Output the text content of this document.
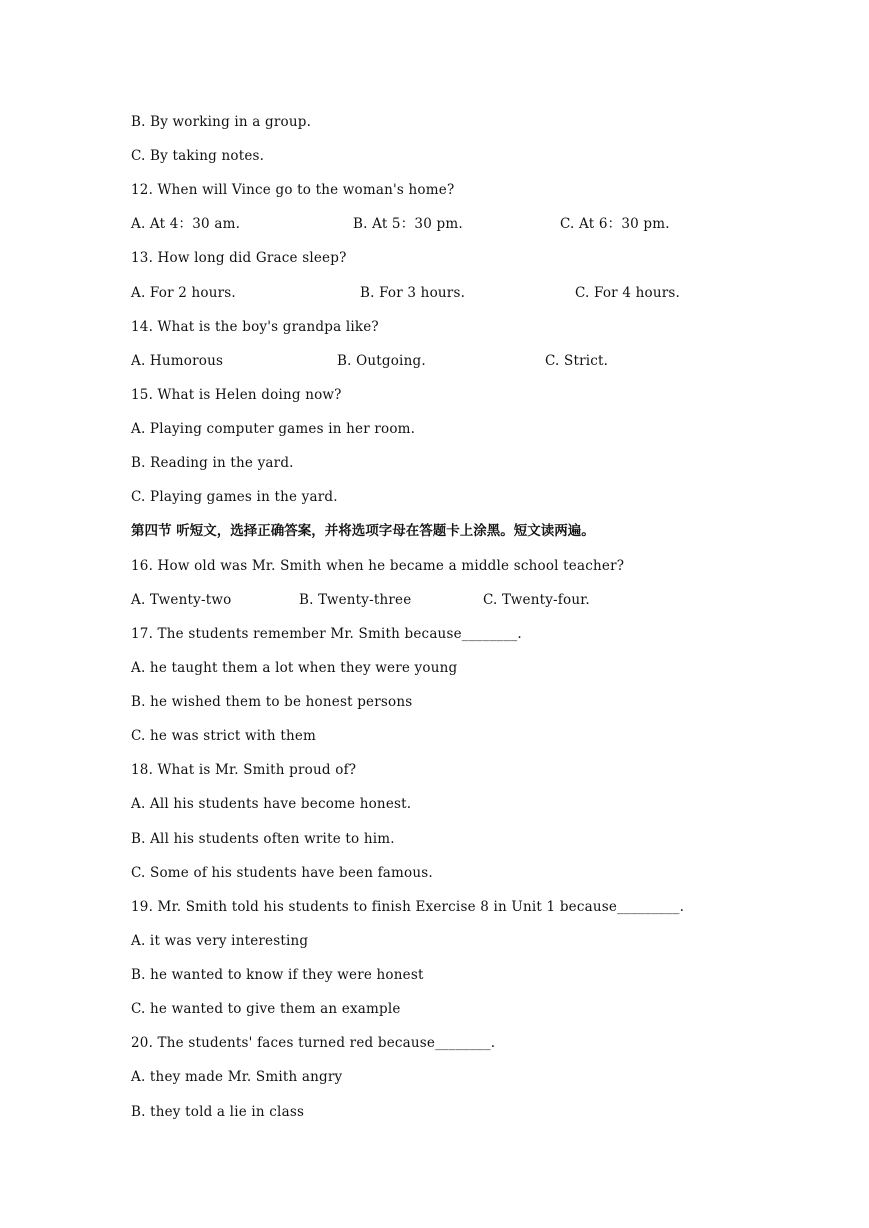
B. By working in a group.
C. By taking notes.
12. When will Vince go to the woman's home?
A. At 4：30 am.	B. At 5：30 pm.	C. At 6：30 pm.
13. How long did Grace sleep?
A. For 2 hours.	B. For 3 hours.	C. For 4 hours.
14. What is the boy's grandpa like?
A. Humorous	B. Outgoing.	C. Strict.
15. What is Helen doing now?
A. Playing computer games in her room.
B. Reading in the yard.
C. Playing games in the yard.
第四节 听短文，选择正确答案，并将选项字母在答题卡上涂黑。短文读两遍。
16. How old was Mr. Smith when he became a middle school teacher?
A. Twenty-two	B. Twenty-three	C. Twenty-four.
17. The students remember Mr. Smith because________.
A. he taught them a lot when they were young
B. he wished them to be honest persons
C. he was strict with them
18. What is Mr. Smith proud of?
A. All his students have become honest.
B. All his students often write to him.
C. Some of his students have been famous.
19. Mr. Smith told his students to finish Exercise 8 in Unit 1 because_________.
A. it was very interesting
B. he wanted to know if they were honest
C. he wanted to give them an example
20. The students' faces turned red because________.
A. they made Mr. Smith angry
B. they told a lie in class
